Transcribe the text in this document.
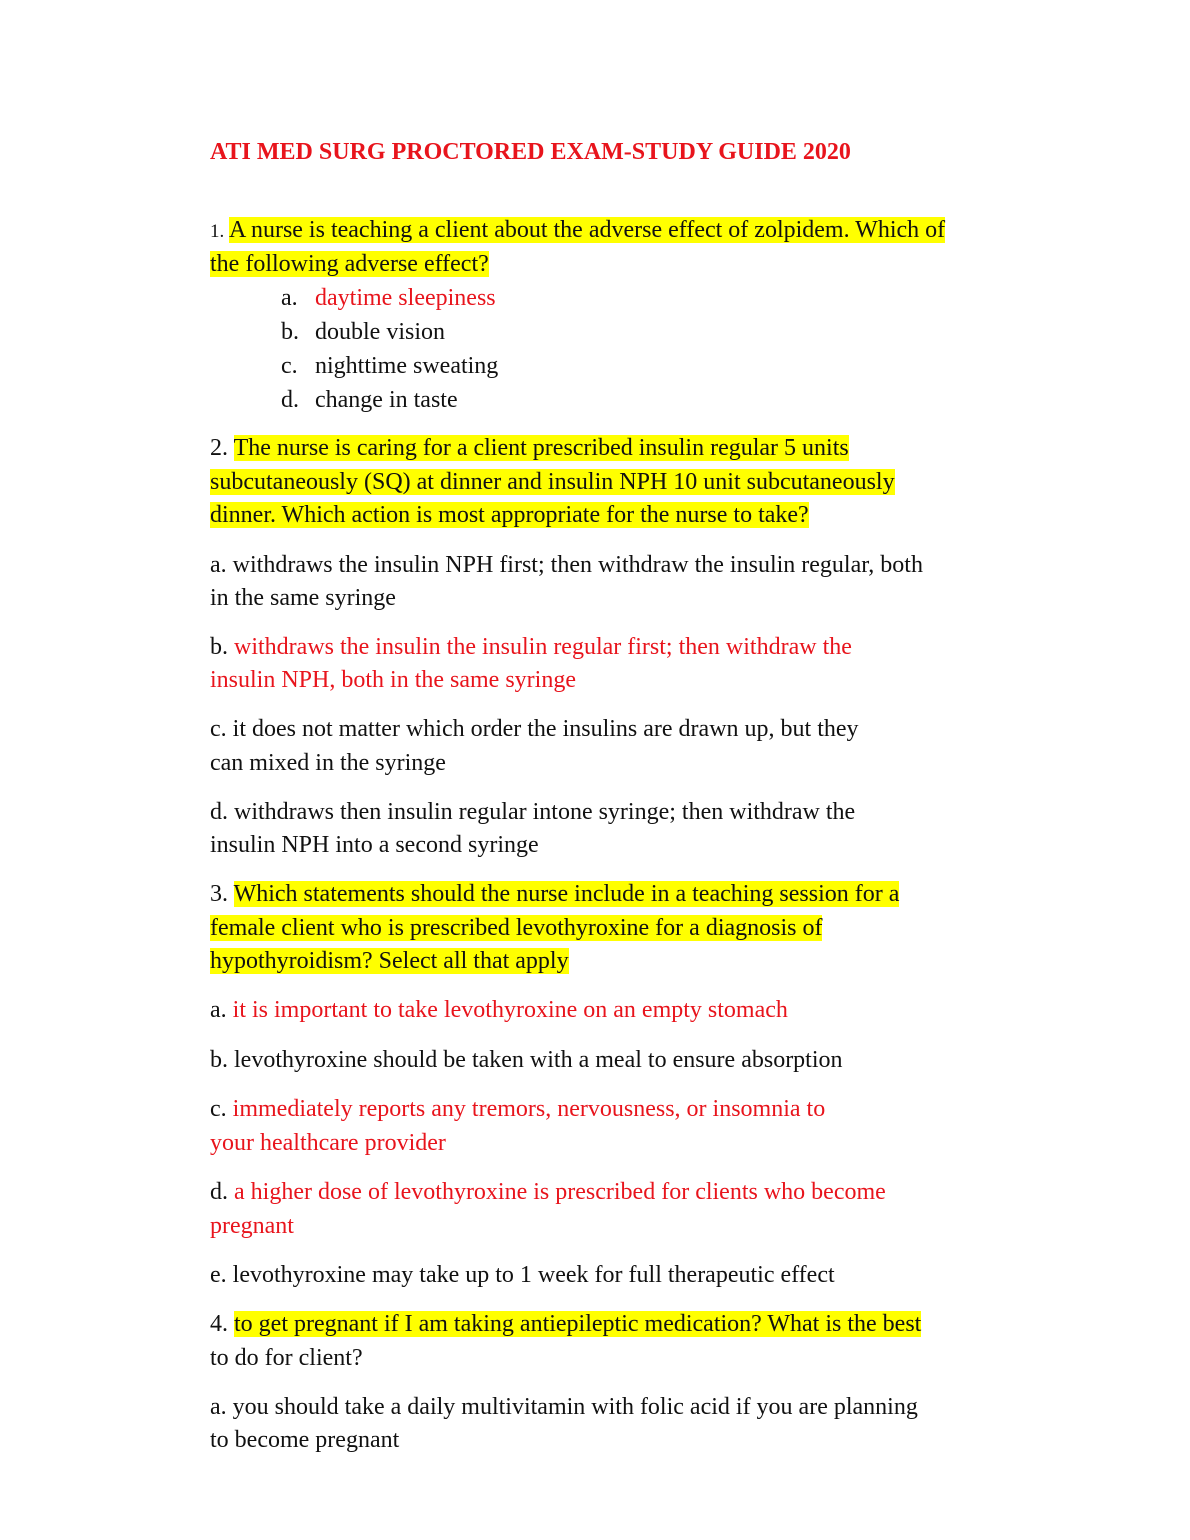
ATI MED SURG PROCTORED EXAM-STUDY GUIDE 2020

1. A nurse is teaching a client about the adverse effect of zolpidem. Which of

the following adverse effect?

a. daytime sleepiness
b. double vision
c. nighttime sweating
d. change in taste

2. The nurse is caring for a client prescribed insulin regular 5 units

subcutaneously (SQ) at dinner and insulin NPH 10 unit subcutaneously

dinner. Which action is most appropriate for the nurse to take?

a. withdraws the insulin NPH first; then withdraw the insulin regular, both

in the same syringe

b. withdraws the insulin the insulin regular first; then withdraw the

insulin NPH, both in the same syringe

c. it does not matter which order the insulins are drawn up, but they

can mixed in the syringe

d. withdraws then insulin regular intone syringe; then withdraw the

insulin NPH into a second syringe

3. Which statements should the nurse include in a teaching session for a

female client who is prescribed levothyroxine for a diagnosis of

hypothyroidism? Select all that apply

a. it is important to take levothyroxine on an empty stomach

b. levothyroxine should be taken with a meal to ensure absorption

c. immediately reports any tremors, nervousness, or insomnia to

your healthcare provider

d. a higher dose of levothyroxine is prescribed for clients who become

pregnant

e. levothyroxine may take up to 1 week for full therapeutic effect

4. to get pregnant if I am taking antiepileptic medication? What is the best

to do for client?

a. you should take a daily multivitamin with folic acid if you are planning

to become pregnant
